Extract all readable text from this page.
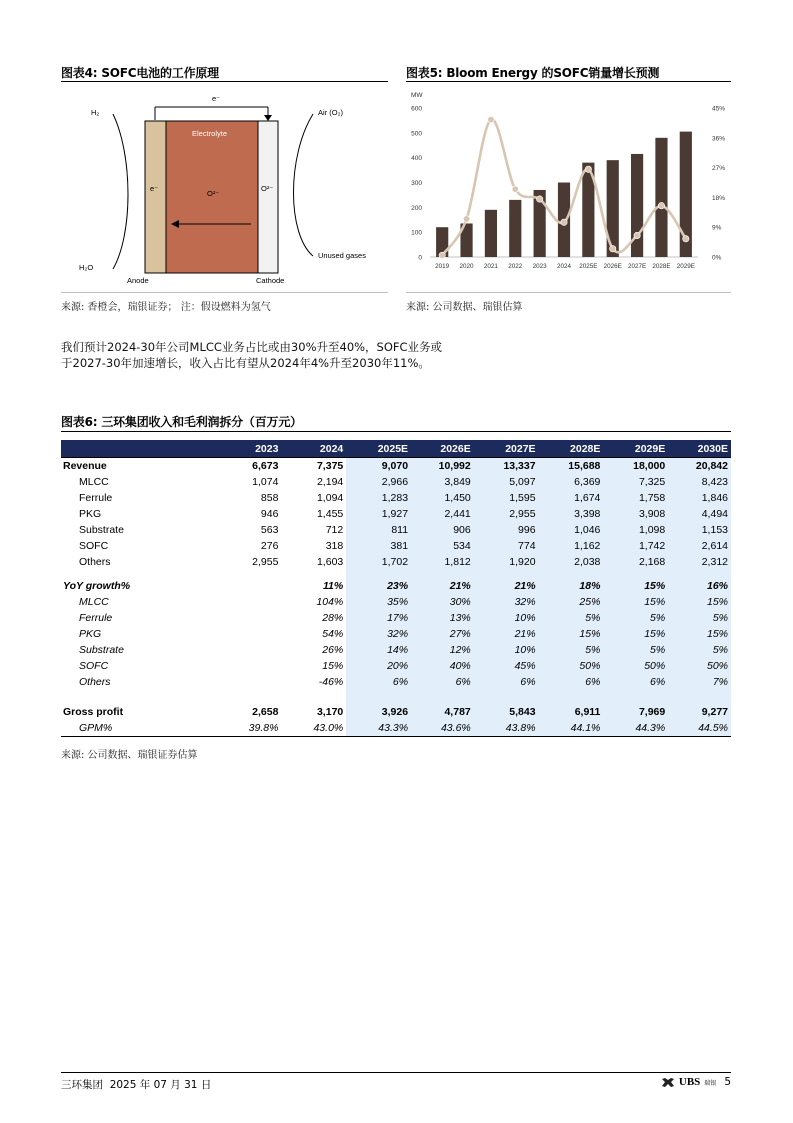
图表4: SOFC电池的工作原理
H₂
e⁻
Air (O₂)
Electrolyte
e⁻
O²⁻
O²⁻
H₂O
Unused gases
Anode	Cathode
来源: 香橙会，瑞银证券； 注：假设燃料为氢气
图表5: Bloom Energy 的SOFC销量增长预测
MW
0
100
200
300
400
500
600
0%
9%
18%
27%
36%
45%
2019 2020 2021 2022 2023 2024 2025E 2026E 2027E 2028E 2029E
来源: 公司数据、瑞银估算
我们预计2024-30年公司MLCC业务占比或由30%升至40%，SOFC业务或
于2027-30年加速增长，收入占比有望从2024年4%升至2030年11%。
图表6: 三环集团收入和毛利润拆分（百万元）
	2023	2024	2025E	2026E	2027E	2028E	2029E	2030E
Revenue	6,673	7,375	9,070	10,992	13,337	15,688	18,000	20,842
MLCC	1,074	2,194	2,966	3,849	5,097	6,369	7,325	8,423
Ferrule	858	1,094	1,283	1,450	1,595	1,674	1,758	1,846
PKG	946	1,455	1,927	2,441	2,955	3,398	3,908	4,494
Substrate	563	712	811	906	996	1,046	1,098	1,153
SOFC	276	318	381	534	774	1,162	1,742	2,614
Others	2,955	1,603	1,702	1,812	1,920	2,038	2,168	2,312

YoY growth%		11%	23%	21%	21%	18%	15%	16%
MLCC		104%	35%	30%	32%	25%	15%	15%
Ferrule		28%	17%	13%	10%	5%	5%	5%
PKG		54%	32%	27%	21%	15%	15%	15%
Substrate		26%	14%	12%	10%	5%	5%	5%
SOFC		15%	20%	40%	45%	50%	50%	50%
Others		-46%	6%	6%	6%	6%	6%	7%

Gross profit	2,658	3,170	3,926	4,787	5,843	6,911	7,969	9,277
GPM%	39.8%	43.0%	43.3%	43.6%	43.8%	44.1%	44.3%	44.5%
来源: 公司数据、瑞银证券估算
三环集团 2025 年 07 月 31 日	UBS 瑞银 5
